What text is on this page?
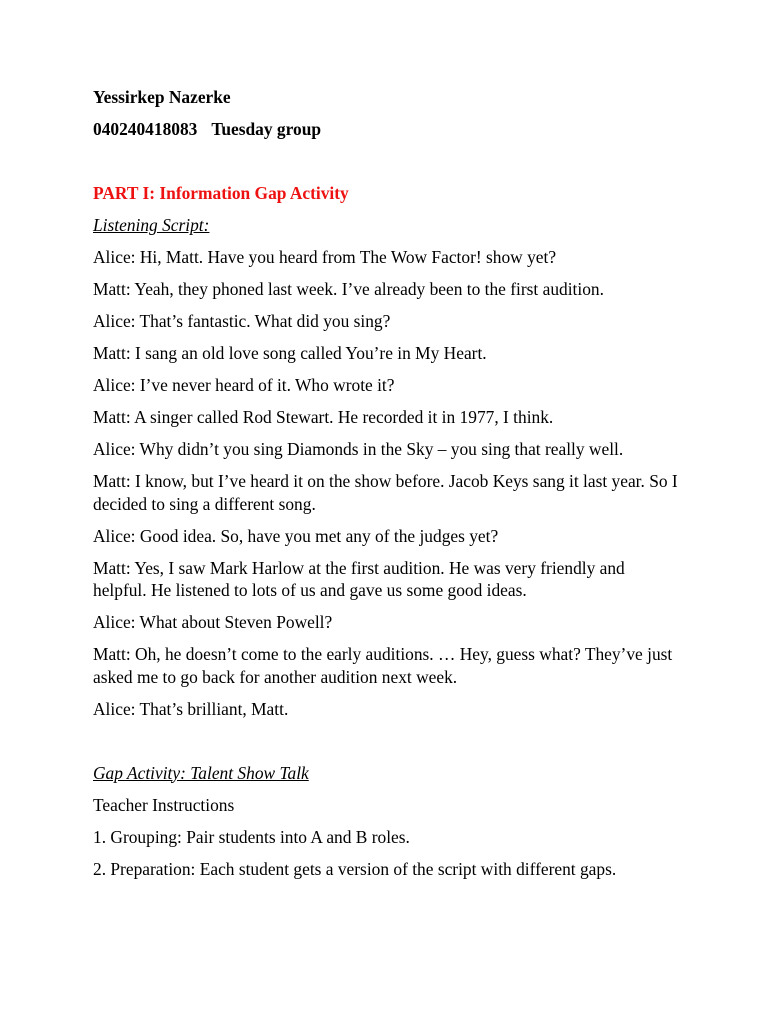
Yessirkep Nazerke

040240418083 Tuesday group

PART I: Information Gap Activity

Listening Script:

Alice: Hi, Matt. Have you heard from The Wow Factor! show yet?

Matt: Yeah, they phoned last week. I’ve already been to the first audition.

Alice: That’s fantastic. What did you sing?

Matt: I sang an old love song called You’re in My Heart.

Alice: I’ve never heard of it. Who wrote it?

Matt: A singer called Rod Stewart. He recorded it in 1977, I think.

Alice: Why didn’t you sing Diamonds in the Sky – you sing that really well.

Matt: I know, but I’ve heard it on the show before. Jacob Keys sang it last year. So I decided to sing a different song.

Alice: Good idea. So, have you met any of the judges yet?

Matt: Yes, I saw Mark Harlow at the first audition. He was very friendly and helpful. He listened to lots of us and gave us some good ideas.

Alice: What about Steven Powell?

Matt: Oh, he doesn’t come to the early auditions. … Hey, guess what? They’ve just asked me to go back for another audition next week.

Alice: That’s brilliant, Matt.

Gap Activity: Talent Show Talk

Teacher Instructions

1. Grouping: Pair students into A and B roles.

2. Preparation: Each student gets a version of the script with different gaps.
